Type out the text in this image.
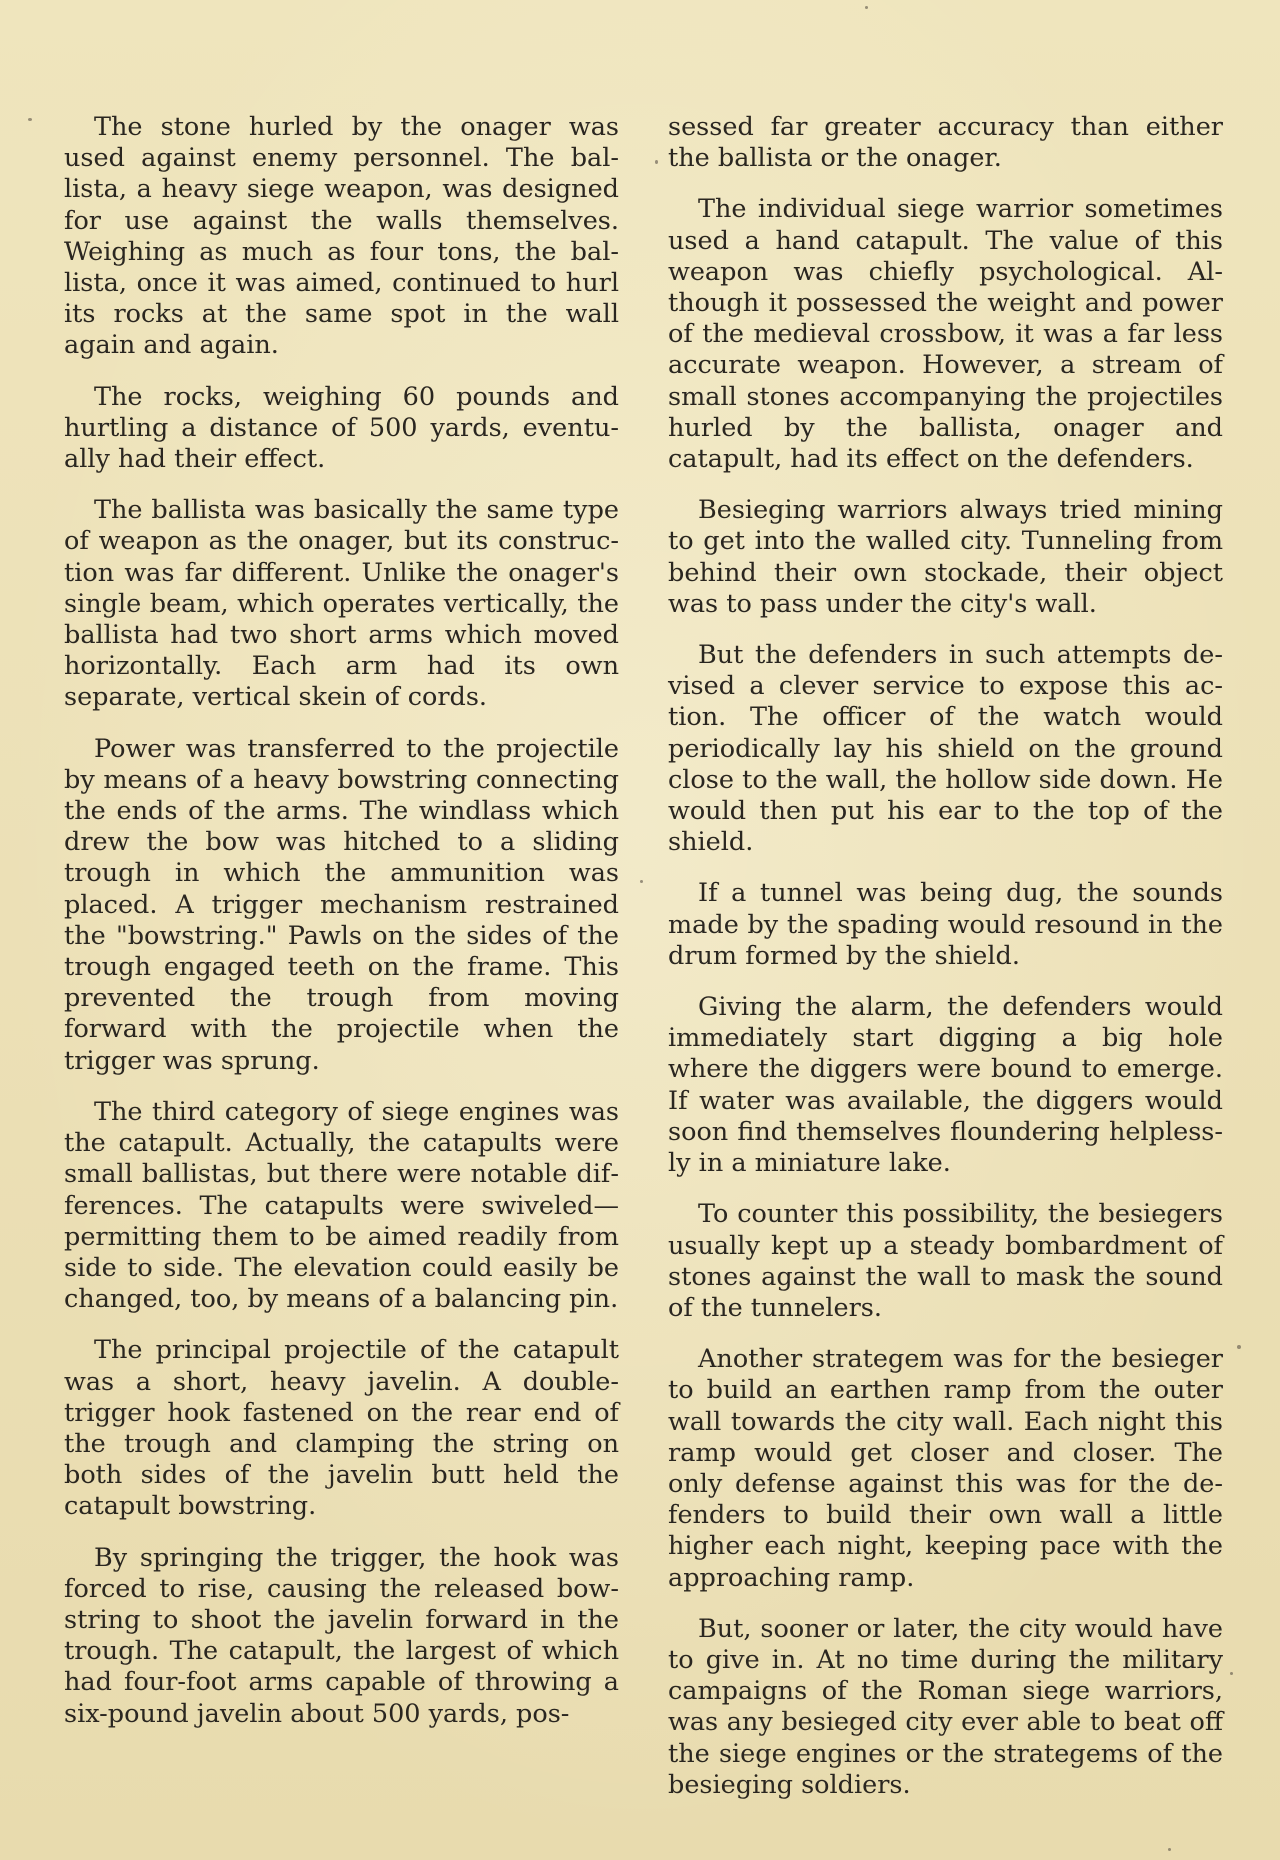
The stone hurled by the onager was used against enemy personnel. The ballista, a heavy siege weapon, was designed for use against the walls themselves. Weighing as much as four tons, the ballista, once it was aimed, continued to hurl its rocks at the same spot in the wall again and again.

The rocks, weighing 60 pounds and hurtling a distance of 500 yards, eventually had their effect.

The ballista was basically the same type of weapon as the onager, but its construction was far different. Unlike the onager's single beam, which operates vertically, the ballista had two short arms which moved horizontally. Each arm had its own separate, vertical skein of cords.

Power was transferred to the projectile by means of a heavy bowstring connecting the ends of the arms. The windlass which drew the bow was hitched to a sliding trough in which the ammunition was placed. A trigger mechanism restrained the "bowstring." Pawls on the sides of the trough engaged teeth on the frame. This prevented the trough from moving forward with the projectile when the trigger was sprung.

The third category of siege engines was the catapult. Actually, the catapults were small ballistas, but there were notable differences. The catapults were swiveled— permitting them to be aimed readily from side to side. The elevation could easily be changed, too, by means of a balancing pin.

The principal projectile of the catapult was a short, heavy javelin. A double-trigger hook fastened on the rear end of the trough and clamping the string on both sides of the javelin butt held the catapult bowstring.

By springing the trigger, the hook was forced to rise, causing the released bowstring to shoot the javelin forward in the trough. The catapult, the largest of which had four-foot arms capable of throwing a six-pound javelin about 500 yards, pos-

sessed far greater accuracy than either the ballista or the onager.

The individual siege warrior sometimes used a hand catapult. The value of this weapon was chiefly psychological. Although it possessed the weight and power of the medieval crossbow, it was a far less accurate weapon. However, a stream of small stones accompanying the projectiles hurled by the ballista, onager and catapult, had its effect on the defenders.

Besieging warriors always tried mining to get into the walled city. Tunneling from behind their own stockade, their object was to pass under the city's wall.

But the defenders in such attempts devised a clever service to expose this action. The officer of the watch would periodically lay his shield on the ground close to the wall, the hollow side down. He would then put his ear to the top of the shield.

If a tunnel was being dug, the sounds made by the spading would resound in the drum formed by the shield.

Giving the alarm, the defenders would immediately start digging a big hole where the diggers were bound to emerge. If water was available, the diggers would soon find themselves floundering helplessly in a miniature lake.

To counter this possibility, the besiegers usually kept up a steady bombardment of stones against the wall to mask the sound of the tunnelers.

Another strategem was for the besieger to build an earthen ramp from the outer wall towards the city wall. Each night this ramp would get closer and closer. The only defense against this was for the defenders to build their own wall a little higher each night, keeping pace with the approaching ramp.

But, sooner or later, the city would have to give in. At no time during the military campaigns of the Roman siege warriors, was any besieged city ever able to beat off the siege engines or the strategems of the besieging soldiers.
